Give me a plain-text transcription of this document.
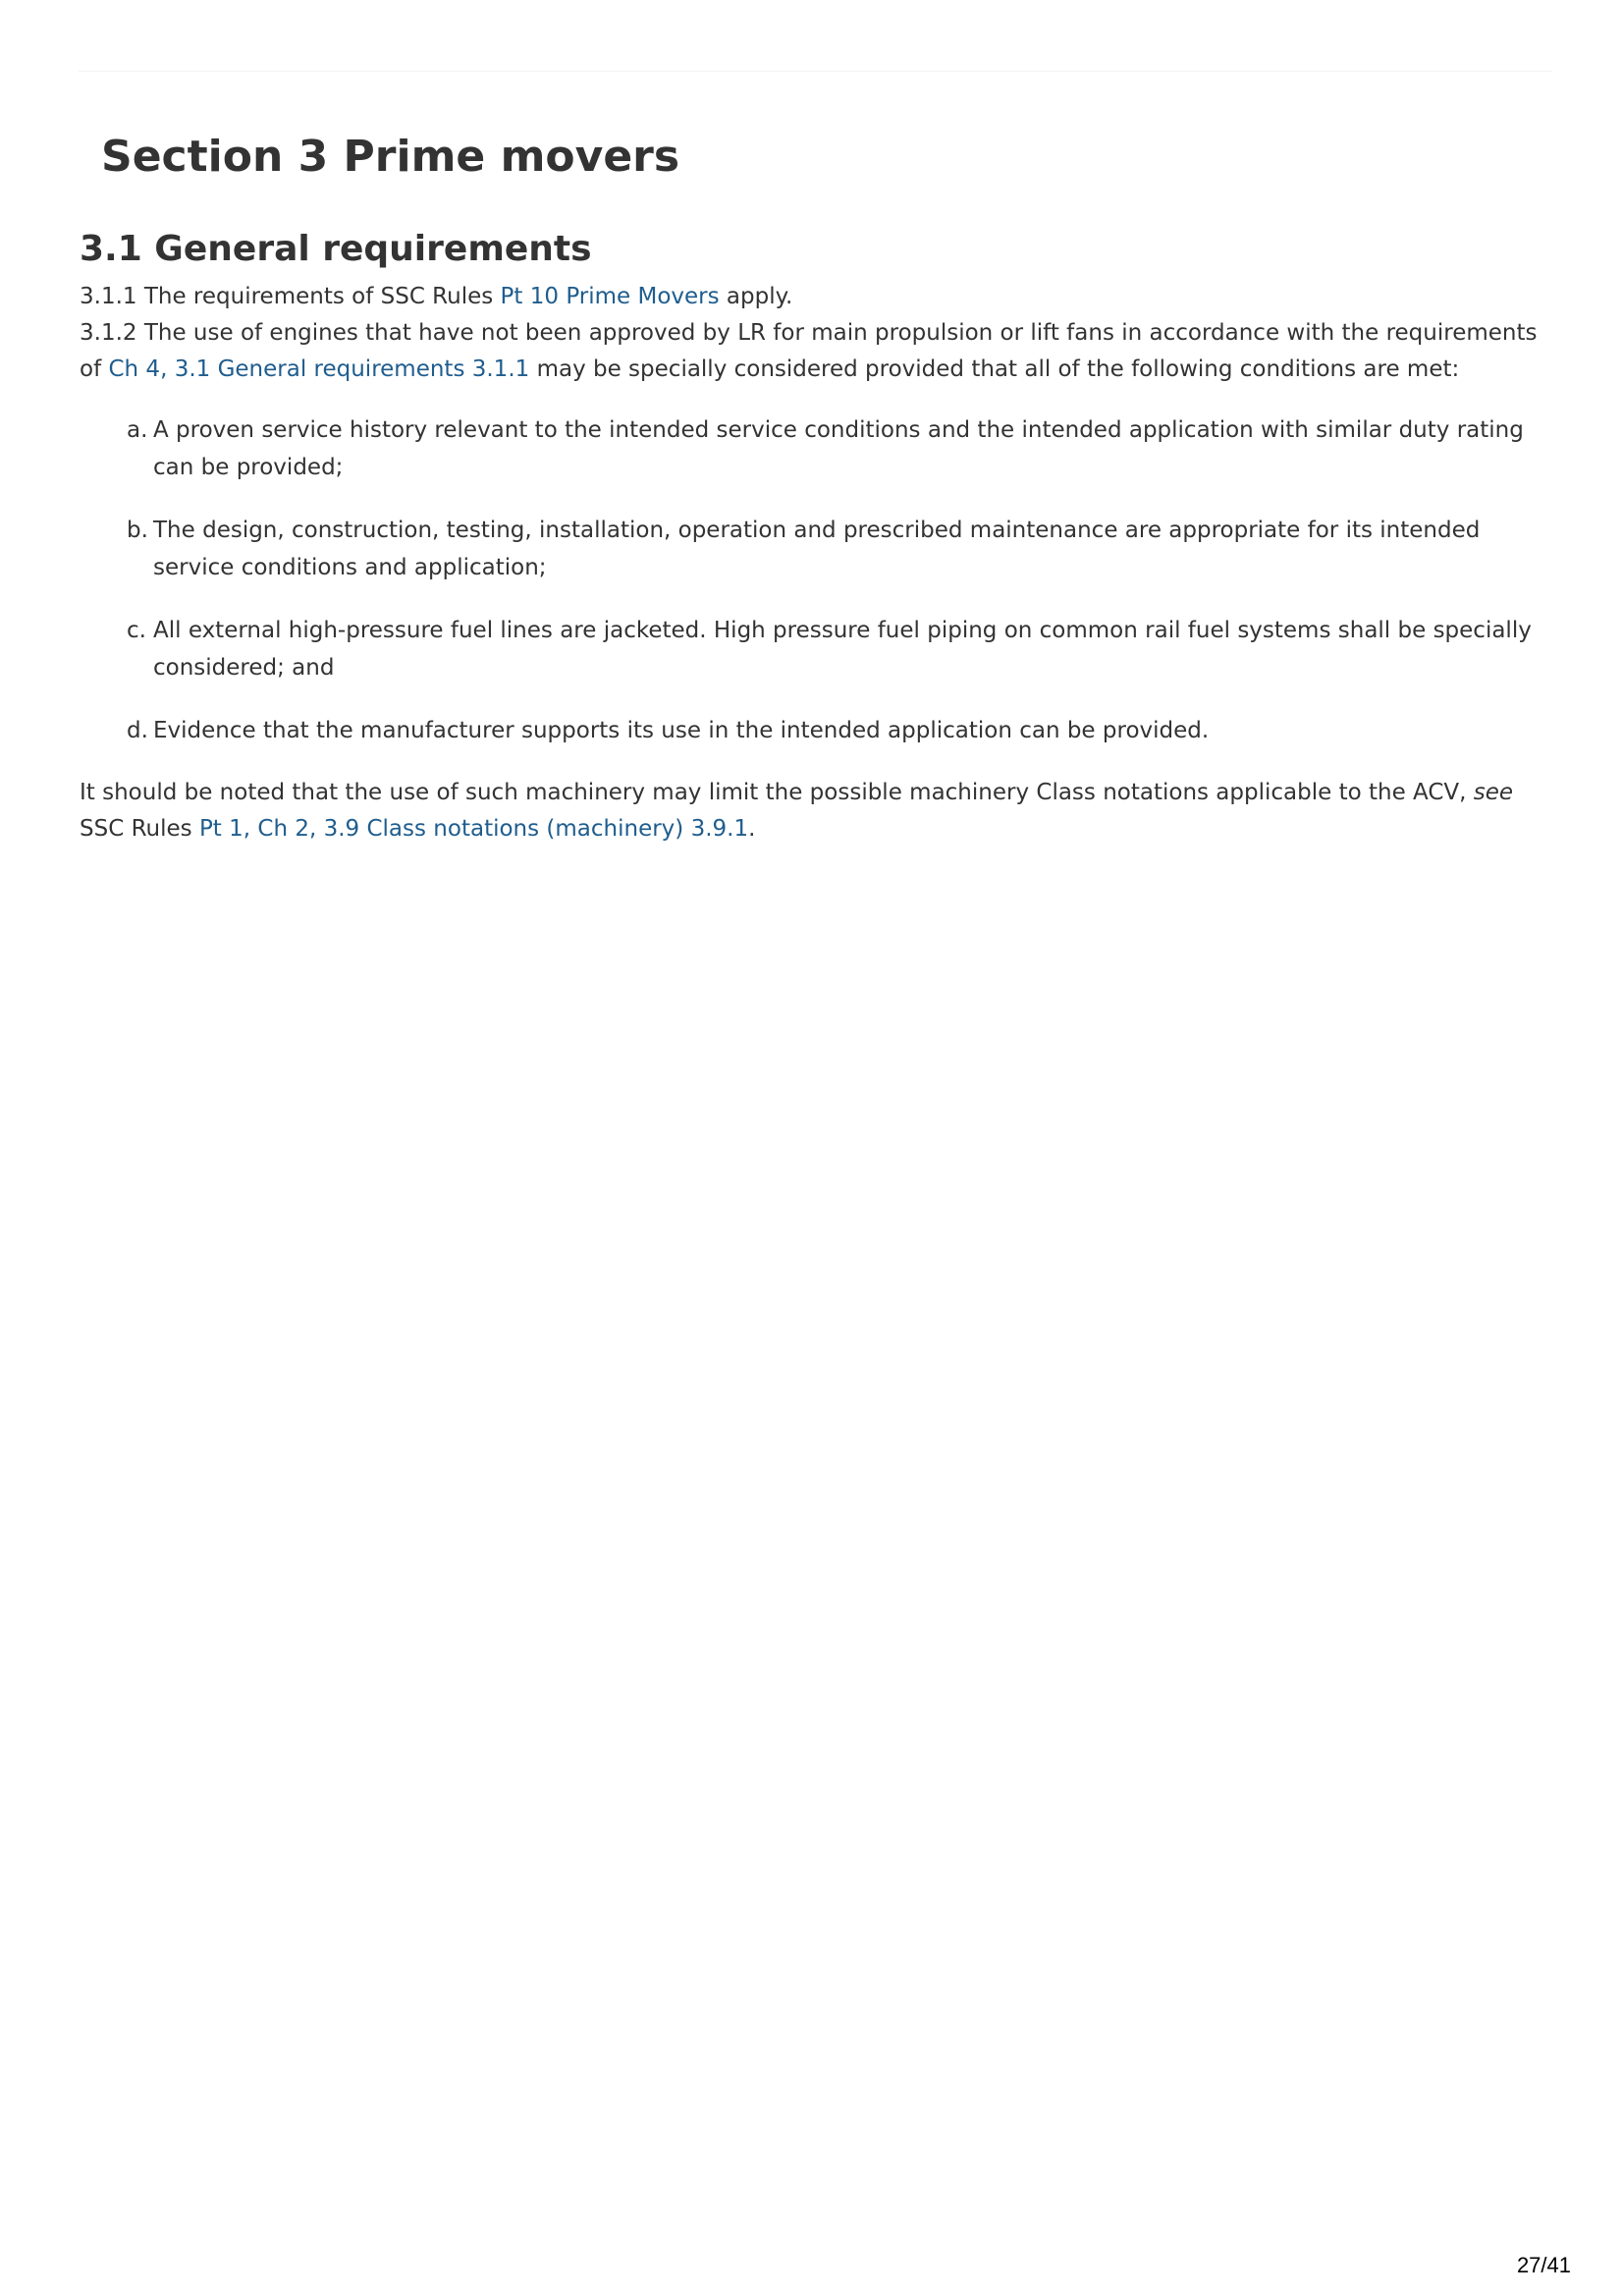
Section 3 Prime movers
3.1 General requirements

3.1.1 The requirements of SSC Rules Pt 10 Prime Movers apply.

3.1.2 The use of engines that have not been approved by LR for main propulsion or lift fans in accordance with the requirements of Ch 4, 3.1 General requirements 3.1.1 may be specially considered provided that all of the following conditions are met:

a. A proven service history relevant to the intended service conditions and the intended application with similar duty rating can be provided;
b. The design, construction, testing, installation, operation and prescribed maintenance are appropriate for its intended service conditions and application;
c. All external high-pressure fuel lines are jacketed. High pressure fuel piping on common rail fuel systems shall be specially considered; and
d. Evidence that the manufacturer supports its use in the intended application can be provided.

It should be noted that the use of such machinery may limit the possible machinery Class notations applicable to the ACV, see SSC Rules Pt 1, Ch 2, 3.9 Class notations (machinery) 3.9.1.

27/41
